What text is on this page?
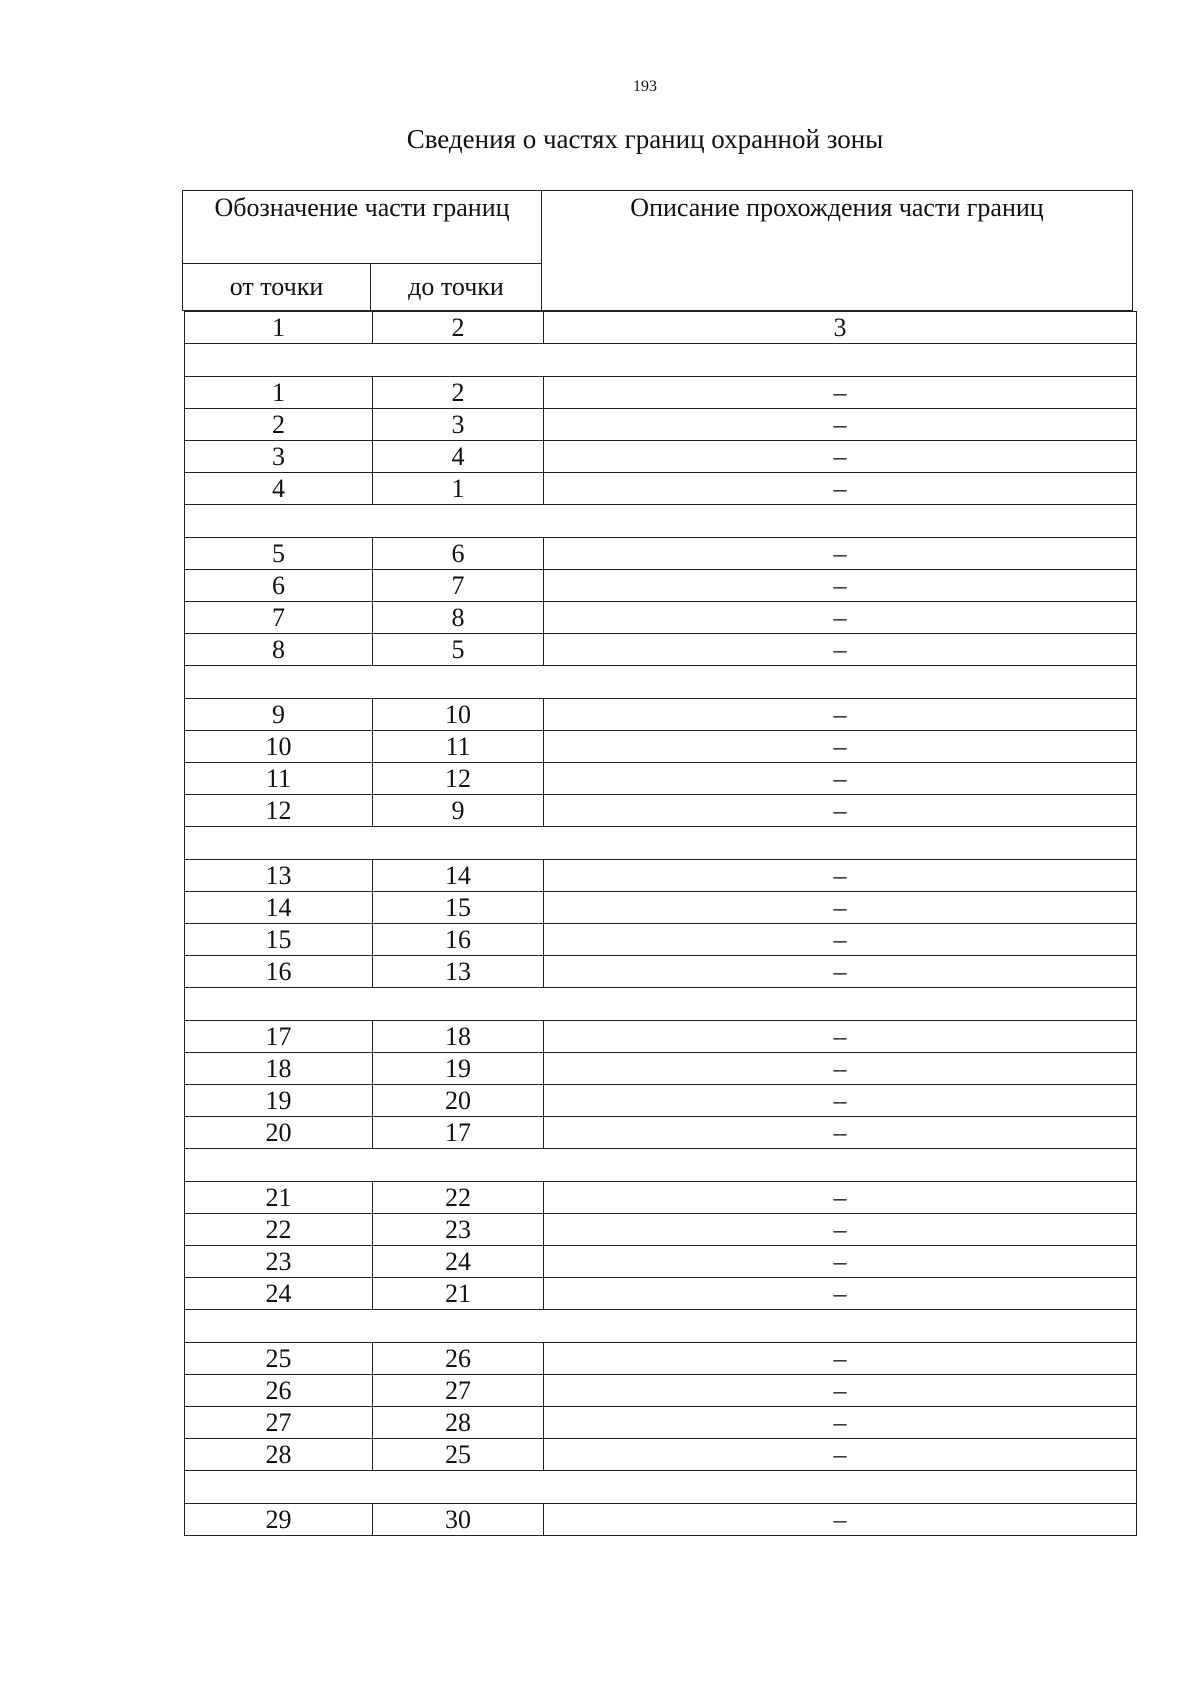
193
Сведения о частях границ охранной зоны
Обозначение части границ		Описание прохождения части границ
от точки	до точки	
1	2	3

1	2	–
2	3	–
3	4	–
4	1	–

5	6	–
6	7	–
7	8	–
8	5	–

9	10	–
10	11	–
11	12	–
12	9	–

13	14	–
14	15	–
15	16	–
16	13	–

17	18	–
18	19	–
19	20	–
20	17	–

21	22	–
22	23	–
23	24	–
24	21	–

25	26	–
26	27	–
27	28	–
28	25	–

29	30	–
